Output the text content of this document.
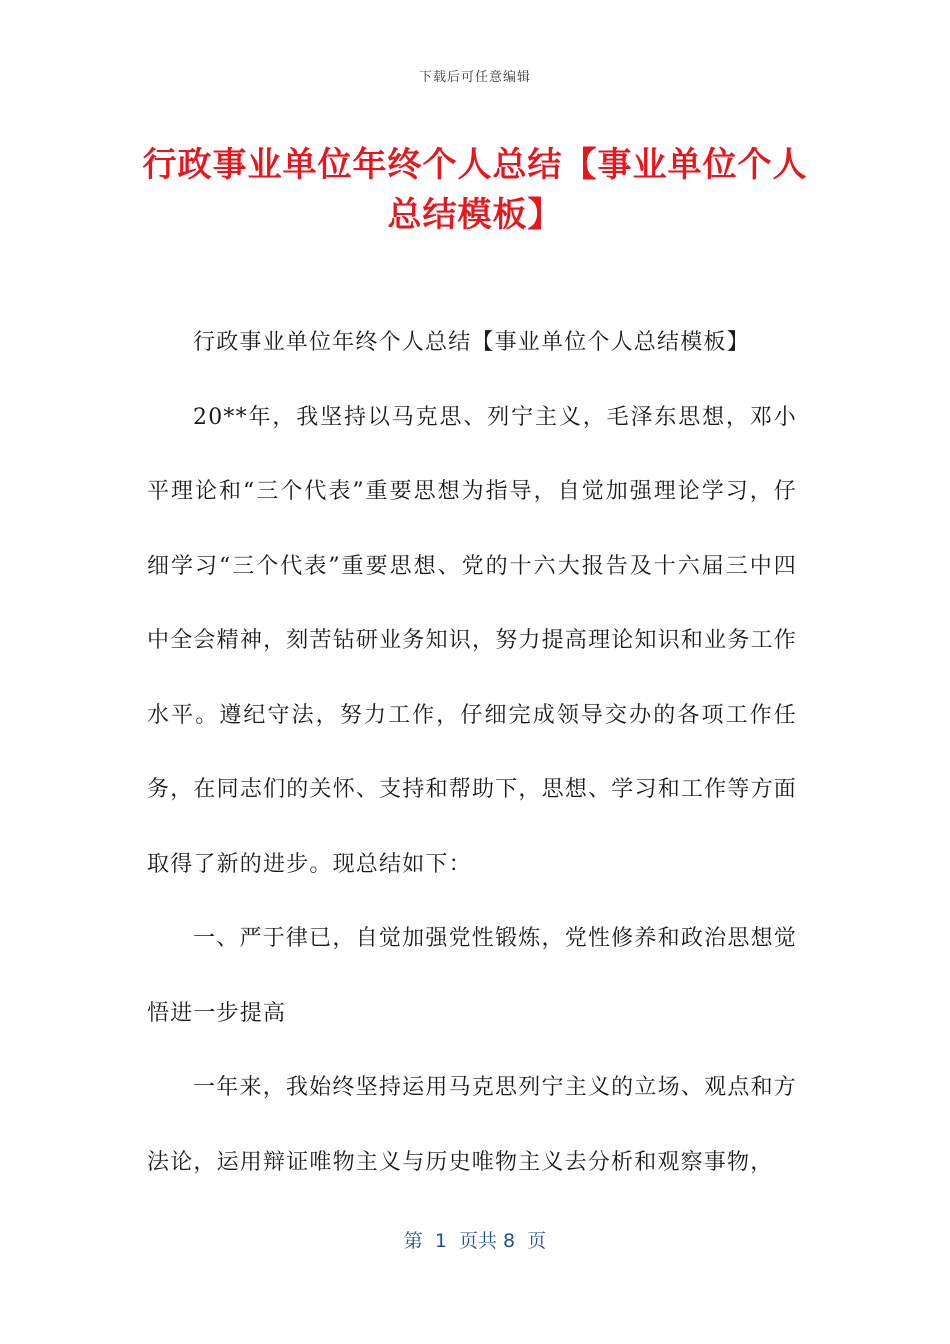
下载后可任意编辑
行政事业单位年终个人总结【事业单位个人总结模板】

行政事业单位年终个人总结【事业单位个人总结模板】

20**年，我坚持以马克思、列宁主义，毛泽东思想，邓小平理论和“三个代表”重要思想为指导，自觉加强理论学习，仔细学习“三个代表”重要思想、党的十六大报告及十六届三中四中全会精神，刻苦钻研业务知识，努力提高理论知识和业务工作水平。遵纪守法，努力工作，仔细完成领导交办的各项工作任务，在同志们的关怀、支持和帮助下，思想、学习和工作等方面取得了新的进步。现总结如下：

一、严于律已，自觉加强党性锻炼，党性修养和政治思想觉悟进一步提高

一年来，我始终坚持运用马克思列宁主义的立场、观点和方法论，运用辩证唯物主义与历史唯物主义去分析和观察事物，

第  1  页共 8  页
